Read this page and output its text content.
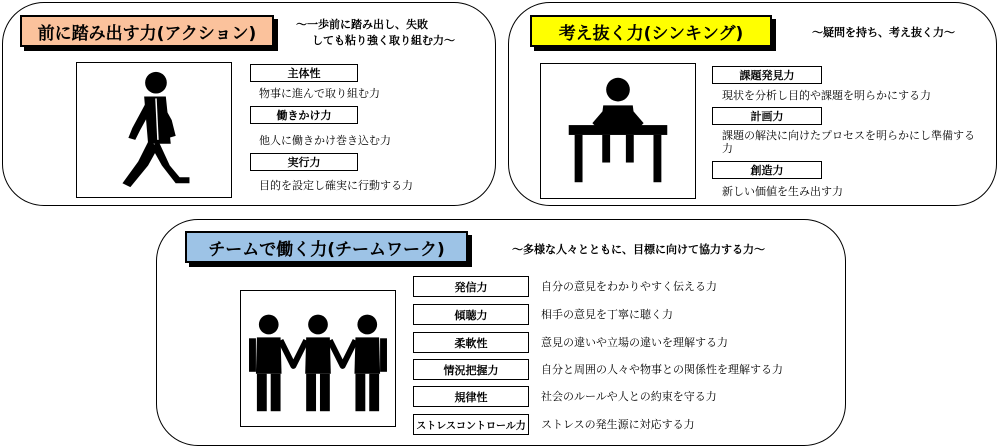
前に踏み出す力(アクション)	～一歩前に踏み出し、失敗
しても粘り強く取り組む力～
主体性
物事に進んで取り組む力
働きかけ力
他人に働きかけ巻き込む力
実行力
目的を設定し確実に行動する力
考え抜く力(シンキング)	～疑問を持ち、考え抜く力～
課題発見力
現状を分析し目的や課題を明らかにする力
計画力
課題の解決に向けたプロセスを明らかにし準備する力
創造力
新しい価値を生み出す力
チームで働く力(チームワーク)	～多様な人々とともに、目標に向けて協力する力～
発信力	自分の意見をわかりやすく伝える力
傾聴力	相手の意見を丁寧に聴く力
柔軟性	意見の違いや立場の違いを理解する力
情況把握力	自分と周囲の人々や物事との関係性を理解する力
規律性	社会のルールや人との約束を守る力
ストレスコントロール力 ストレスの発生源に対応する力
